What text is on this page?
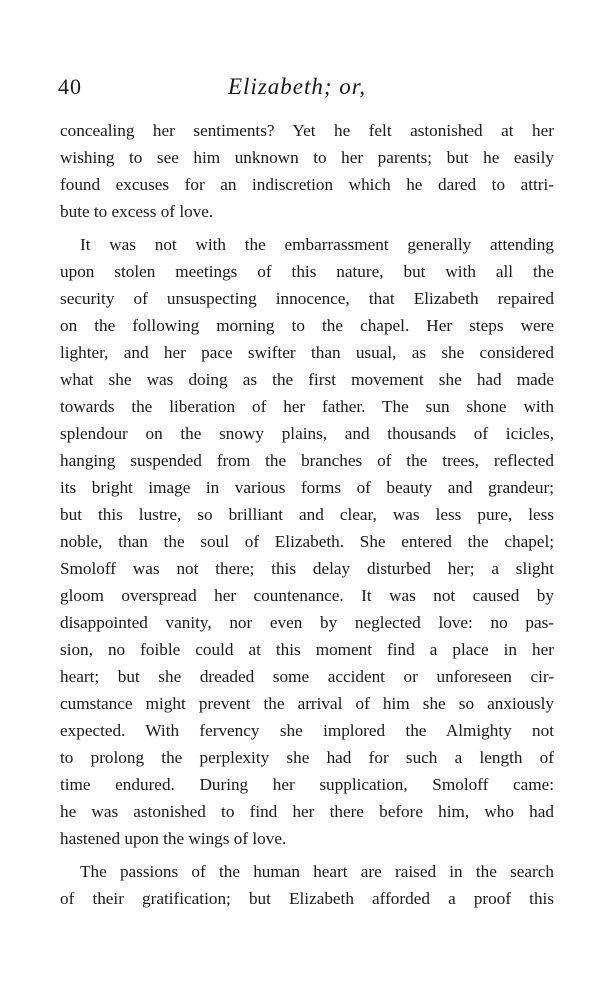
40	Elizabeth; or,
concealing her sentiments? Yet he felt astonished at her
wishing to see him unknown to her parents; but he easily
found excuses for an indiscretion which he dared to attri-
bute to excess of love.
It was not with the embarrassment generally attending
upon stolen meetings of this nature, but with all the
security of unsuspecting innocence, that Elizabeth repaired
on the following morning to the chapel. Her steps were
lighter, and her pace swifter than usual, as she considered
what she was doing as the first movement she had made
towards the liberation of her father. The sun shone with
splendour on the snowy plains, and thousands of icicles,
hanging suspended from the branches of the trees, reflected
its bright image in various forms of beauty and grandeur;
but this lustre, so brilliant and clear, was less pure, less
noble, than the soul of Elizabeth. She entered the chapel;
Smoloff was not there; this delay disturbed her; a slight
gloom overspread her countenance. It was not caused by
disappointed vanity, nor even by neglected love: no pas-
sion, no foible could at this moment find a place in her
heart; but she dreaded some accident or unforeseen cir-
cumstance might prevent the arrival of him she so anxiously
expected. With fervency she implored the Almighty not
to prolong the perplexity she had for such a length of
time endured. During her supplication, Smoloff came:
he was astonished to find her there before him, who had
hastened upon the wings of love.
The passions of the human heart are raised in the search
of their gratification; but Elizabeth afforded a proof this
